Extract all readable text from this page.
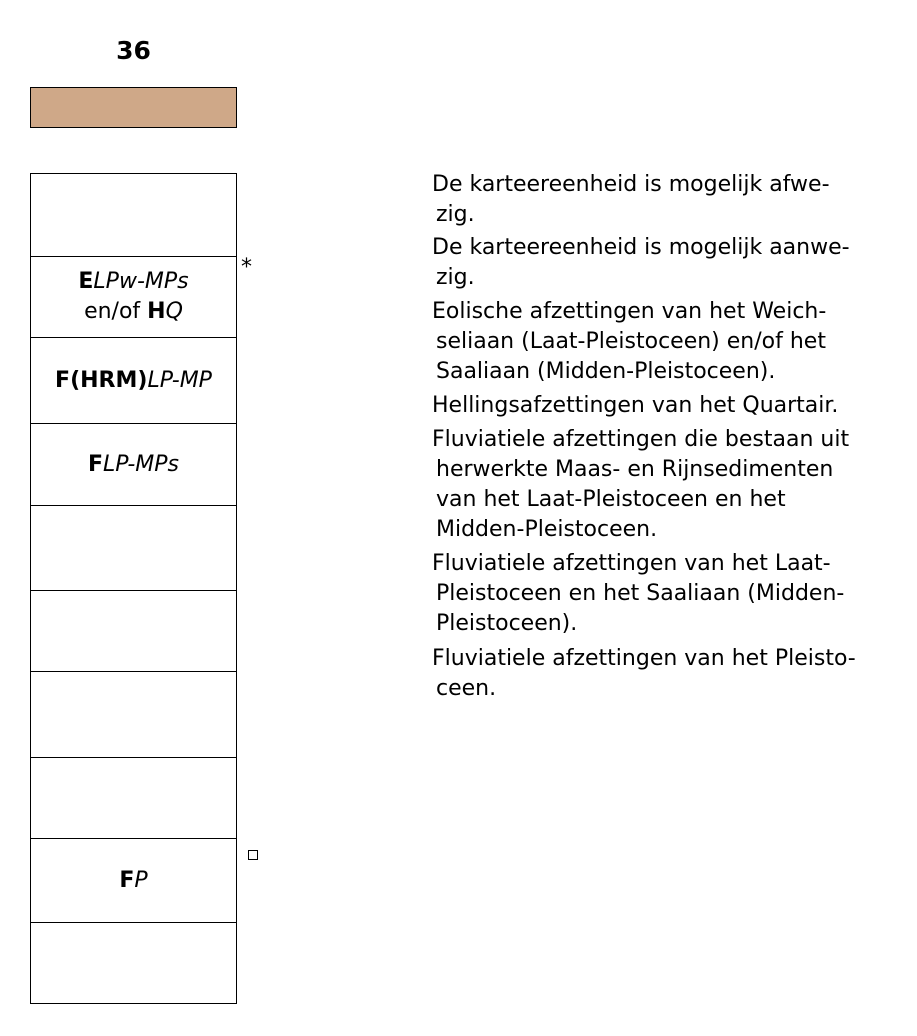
36
ELPw-MPs
en/of HQ
F(HRM)LP-MP
FLP-MPs
FP
*
De karteereenheid is mogelijk afwe-
zig.
De karteereenheid is mogelijk aanwe-
zig.
Eolische afzettingen van het Weich-
seliaan (Laat-Pleistoceen) en/of het
Saaliaan (Midden-Pleistoceen).
Hellingsafzettingen van het Quartair.
Fluviatiele afzettingen die bestaan uit
herwerkte Maas- en Rijnsedimenten
van het Laat-Pleistoceen en het
Midden-Pleistoceen.
Fluviatiele afzettingen van het Laat-
Pleistoceen en het Saaliaan (Midden-
Pleistoceen).
Fluviatiele afzettingen van het Pleisto-
ceen.
